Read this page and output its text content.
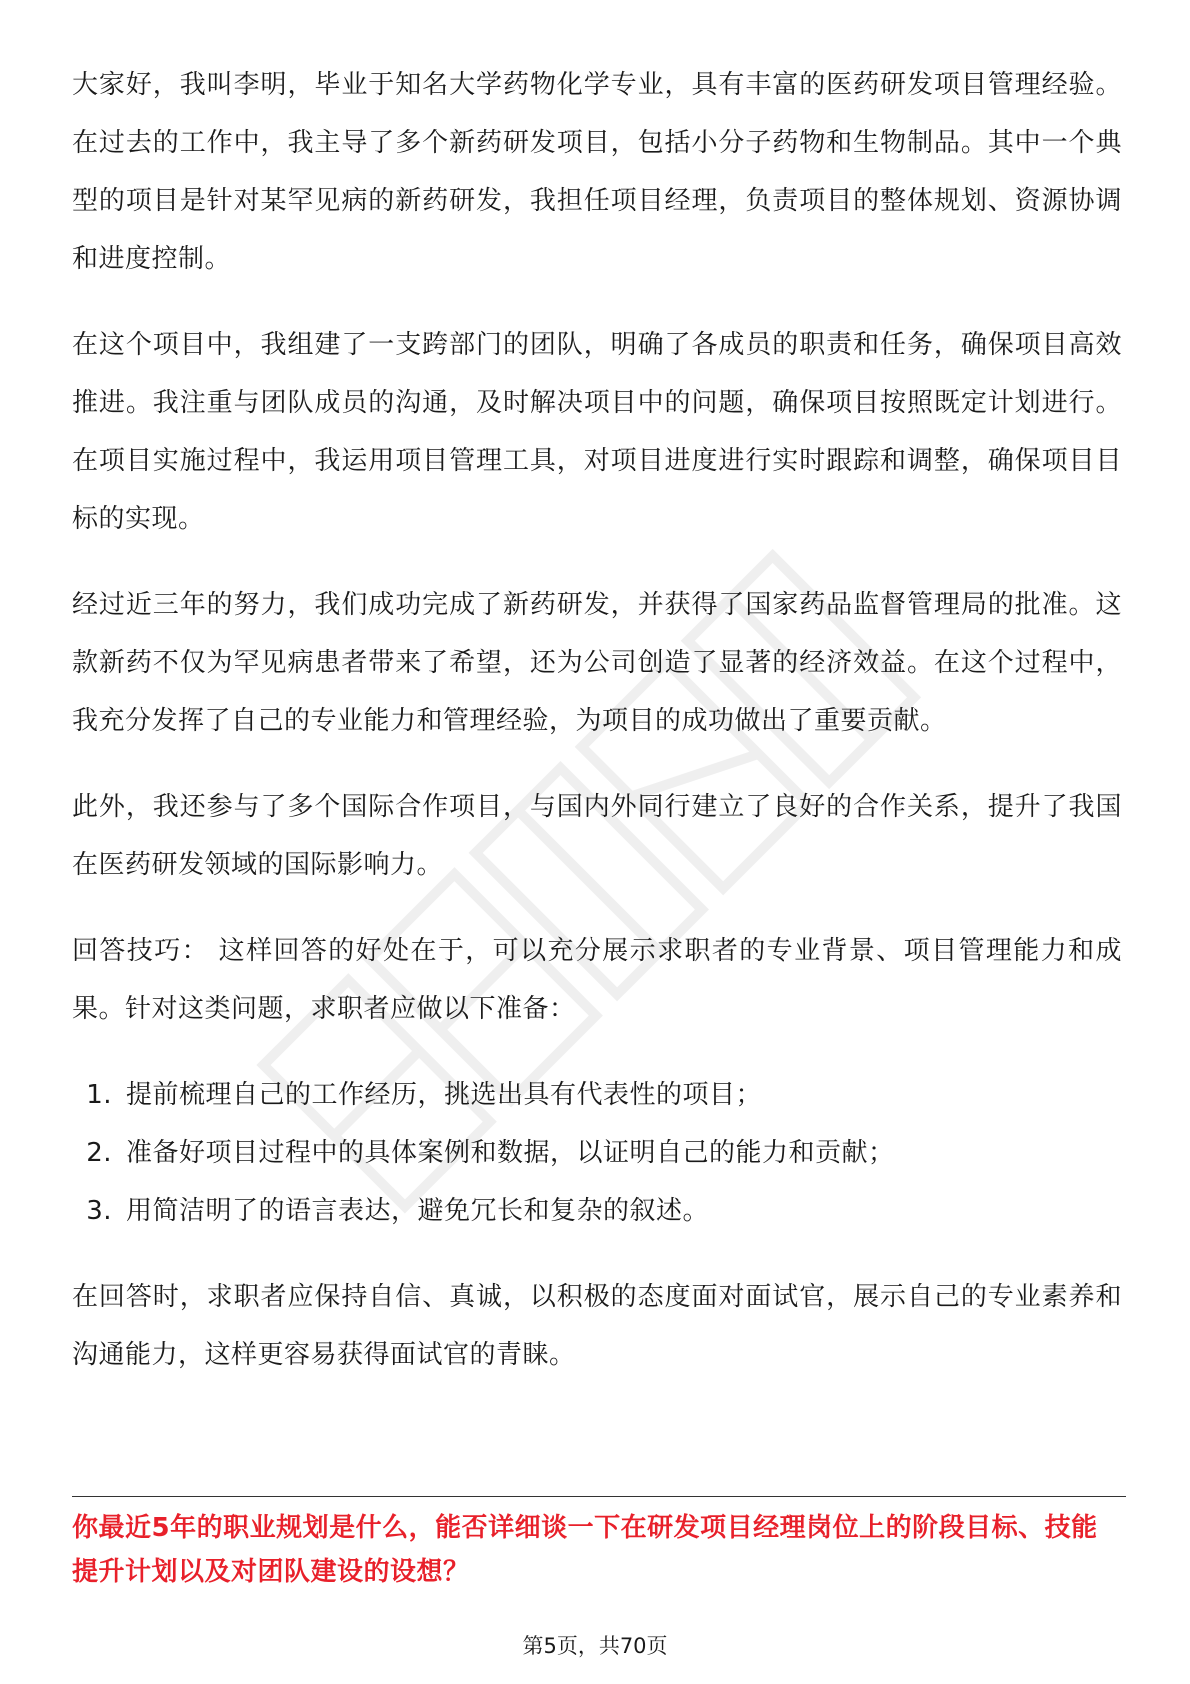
大家好，我叫李明，毕业于知名大学药物化学专业，具有丰富的医药研发项目管理经验。在过去的工作中，我主导了多个新药研发项目，包括小分子药物和生物制品。其中一个典型的项目是针对某罕见病的新药研发，我担任项目经理，负责项目的整体规划、资源协调和进度控制。

在这个项目中，我组建了一支跨部门的团队，明确了各成员的职责和任务，确保项目高效推进。我注重与团队成员的沟通，及时解决项目中的问题，确保项目按照既定计划进行。在项目实施过程中，我运用项目管理工具，对项目进度进行实时跟踪和调整，确保项目目标的实现。

经过近三年的努力，我们成功完成了新药研发，并获得了国家药品监督管理局的批准。这款新药不仅为罕见病患者带来了希望，还为公司创造了显著的经济效益。在这个过程中，我充分发挥了自己的专业能力和管理经验，为项目的成功做出了重要贡献。

此外，我还参与了多个国际合作项目，与国内外同行建立了良好的合作关系，提升了我国在医药研发领域的国际影响力。

回答技巧： 这样回答的好处在于，可以充分展示求职者的专业背景、项目管理能力和成果。针对这类问题，求职者应做以下准备：

1. 提前梳理自己的工作经历，挑选出具有代表性的项目；
2. 准备好项目过程中的具体案例和数据，以证明自己的能力和贡献；
3. 用简洁明了的语言表达，避免冗长和复杂的叙述。

在回答时，求职者应保持自信、真诚，以积极的态度面对面试官，展示自己的专业素养和沟通能力，这样更容易获得面试官的青睐。

你最近5年的职业规划是什么，能否详细谈一下在研发项目经理岗位上的阶段目标、技能提升计划以及对团队建设的设想？
第5页，共70页
